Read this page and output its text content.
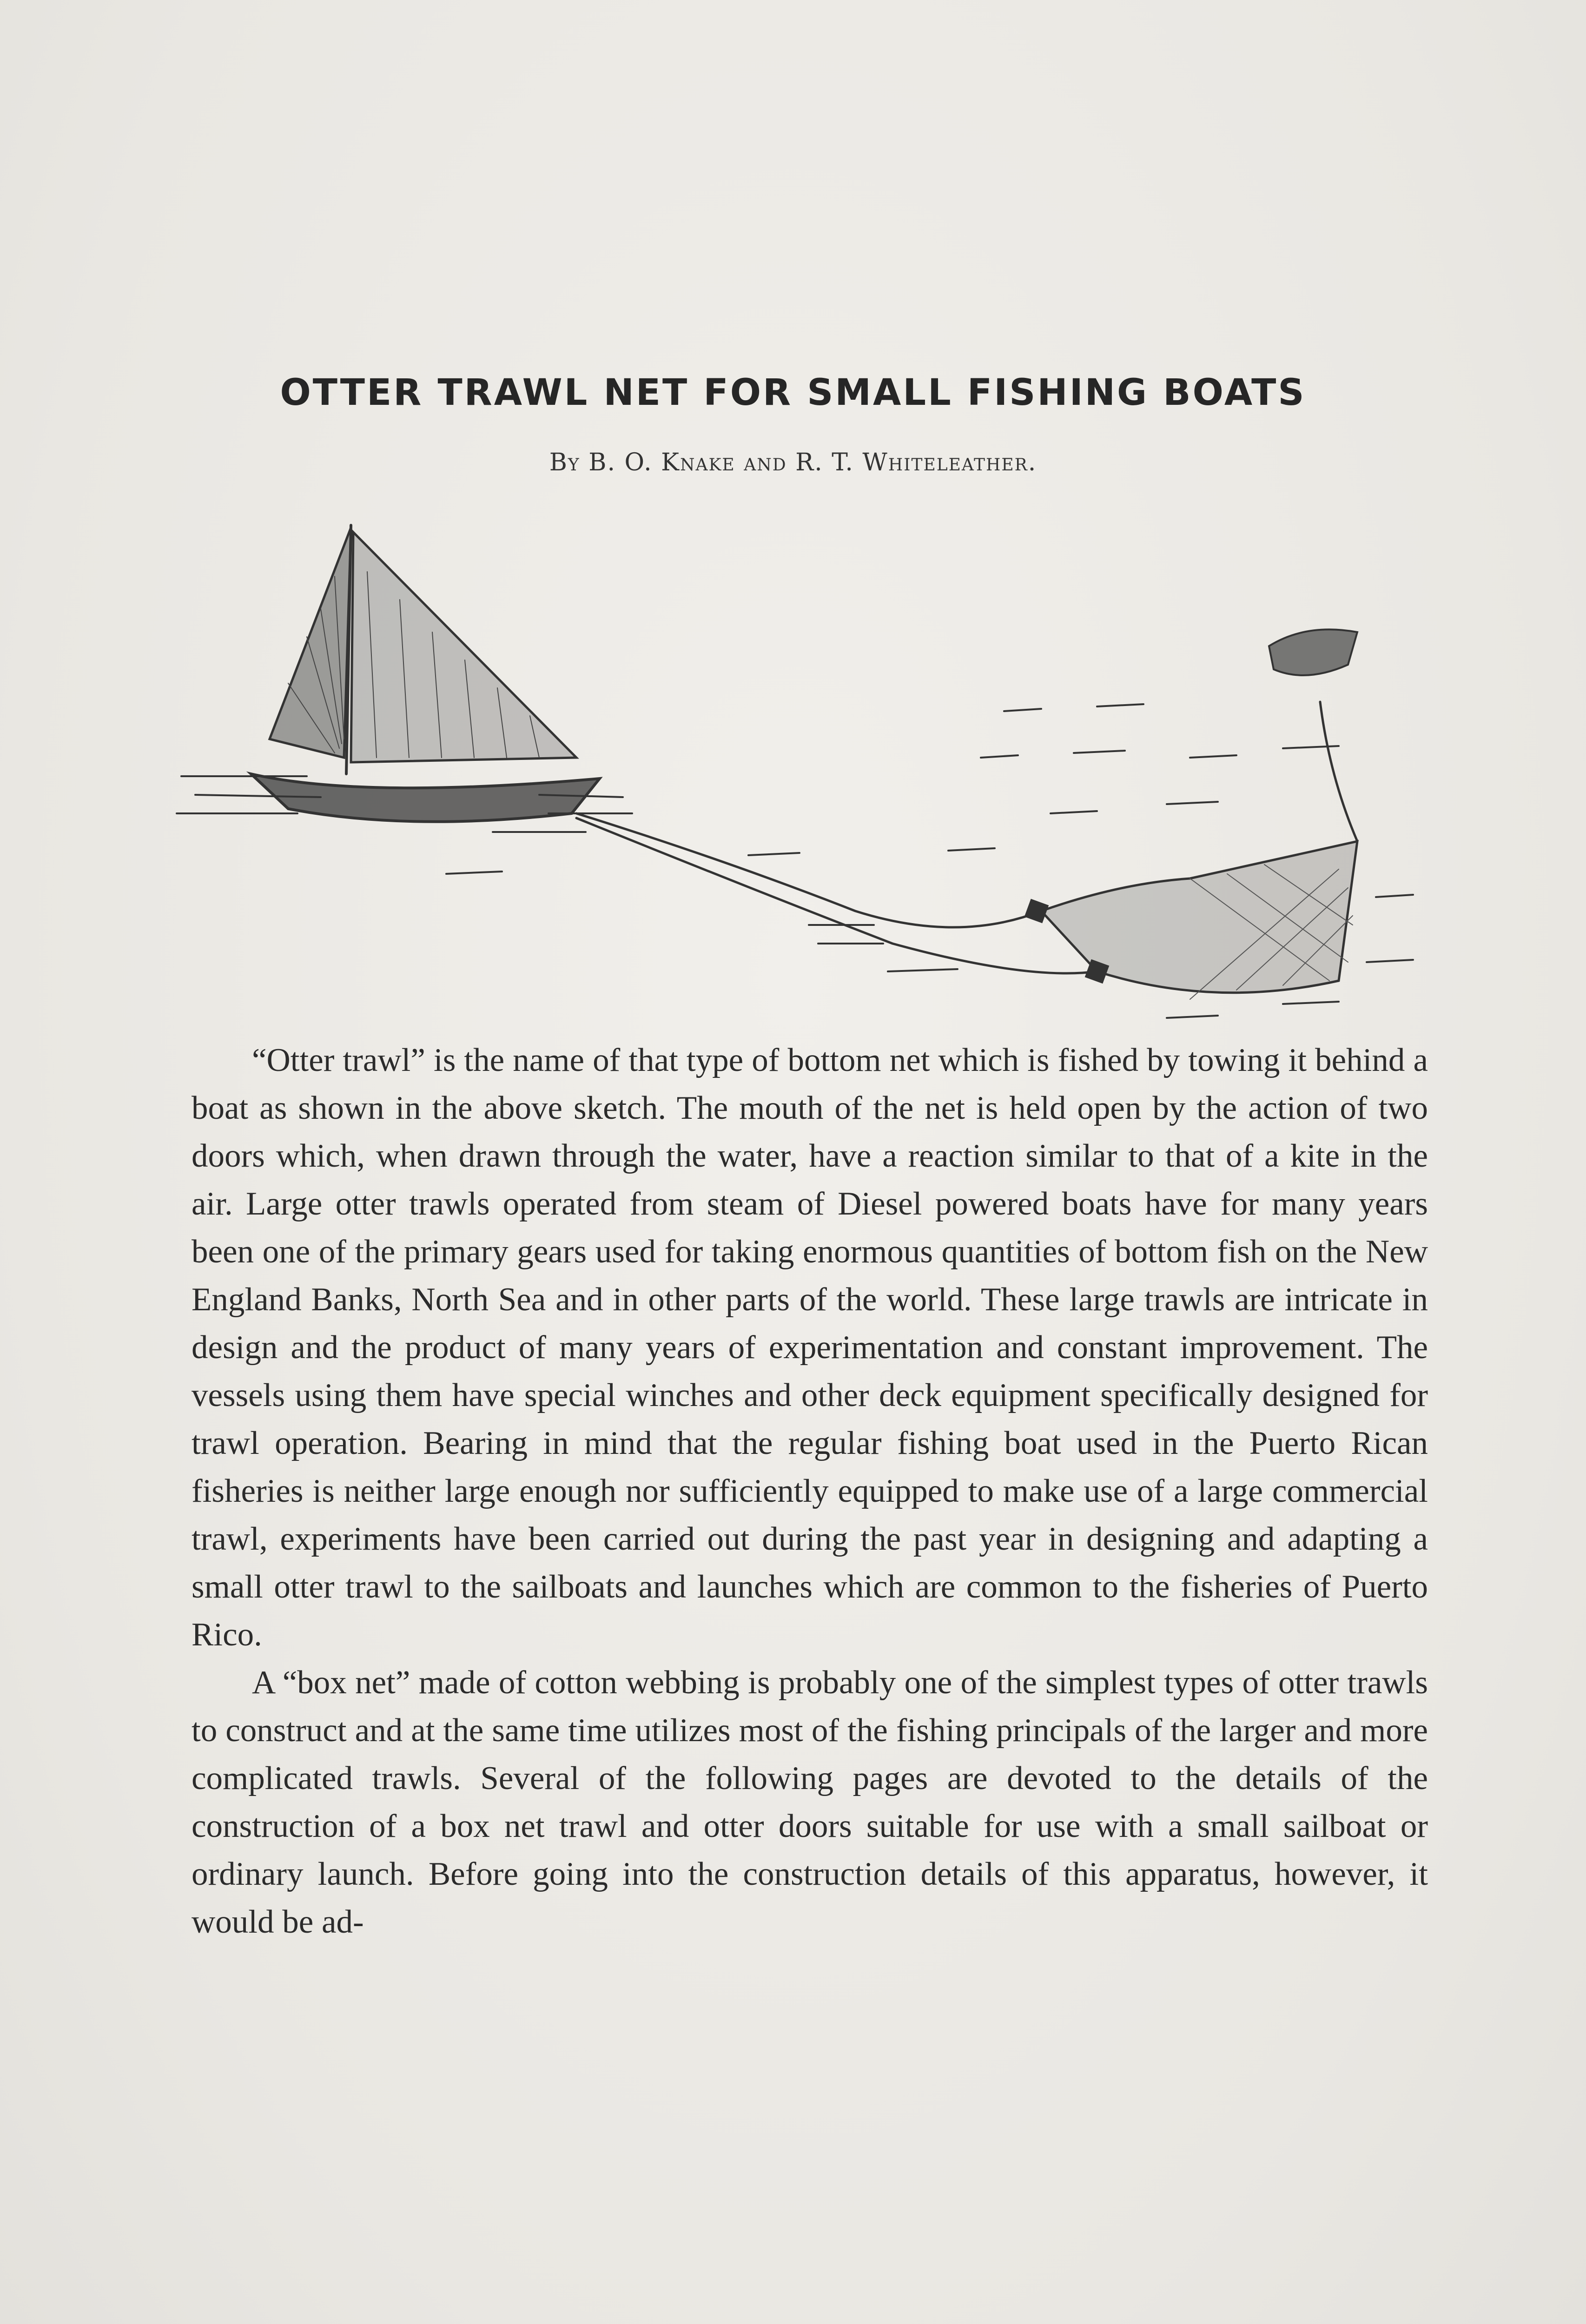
OTTER TRAWL NET FOR SMALL FISHING BOATS
By B. O. Knake and R. T. Whiteleather.

“Otter trawl” is the name of that type of bottom net which is fished by towing it behind a boat as shown in the above sketch. The mouth of the net is held open by the action of two doors which, when drawn through the water, have a reaction similar to that of a kite in the air. Large otter trawls operated from steam of Diesel powered boats have for many years been one of the primary gears used for taking enormous quantities of bottom fish on the New England Banks, North Sea and in other parts of the world. These large trawls are intricate in design and the product of many years of experimentation and constant improvement. The vessels using them have special winches and other deck equipment specifically designed for trawl operation. Bearing in mind that the regular fishing boat used in the Puerto Rican fisheries is neither large enough nor sufficiently equipped to make use of a large commercial trawl, experiments have been carried out during the past year in designing and adapting a small otter trawl to the sailboats and launches which are common to the fisheries of Puerto Rico.

A “box net” made of cotton webbing is probably one of the simplest types of otter trawls to construct and at the same time utilizes most of the fishing principals of the larger and more complicated trawls. Several of the following pages are devoted to the details of the construction of a box net trawl and otter doors suitable for use with a small sailboat or ordinary launch. Before going into the construction details of this apparatus, however, it would be ad-
